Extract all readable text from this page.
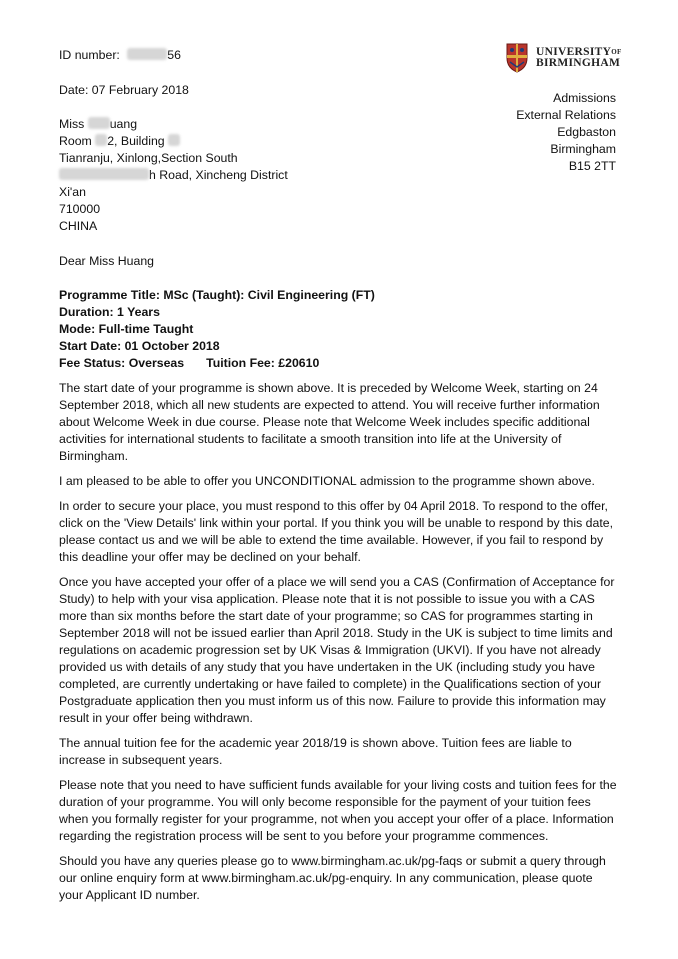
ID number:	56
Date: 07 February 2018
Miss uang
Room 2, Building
Tianranju, Xinlong,Section South
h Road, Xincheng District
Xi'an
710000
CHINA
$UNIVERSITY^{OF}$
BIRMINGHAM
Admissions
External Relations
Edgbaston
Birmingham
B15 2TT
Dear Miss Huang
Programme Title: MSc (Taught): Civil Engineering (FT)
Duration: 1 Years
Mode: Full-time Taught
Start Date: 01 October 2018
Fee Status: Overseas Tuition Fee: £20610

The start date of your programme is shown above. It is preceded by Welcome Week, starting on 24 September 2018, which all new students are expected to attend. You will receive further information about Welcome Week in due course. Please note that Welcome Week includes specific additional activities for international students to facilitate a smooth transition into life at the University of Birmingham.

I am pleased to be able to offer you UNCONDITIONAL admission to the programme shown above.

In order to secure your place, you must respond to this offer by 04 April 2018. To respond to the offer, click on the 'View Details' link within your portal. If you think you will be unable to respond by this date, please contact us and we will be able to extend the time available. However, if you fail to respond by this deadline your offer may be declined on your behalf.

Once you have accepted your offer of a place we will send you a CAS (Confirmation of Acceptance for Study) to help with your visa application. Please note that it is not possible to issue you with a CAS more than six months before the start date of your programme; so CAS for programmes starting in September 2018 will not be issued earlier than April 2018. Study in the UK is subject to time limits and regulations on academic progression set by UK Visas & Immigration (UKVI). If you have not already provided us with details of any study that you have undertaken in the UK (including study you have completed, are currently undertaking or have failed to complete) in the Qualifications section of your Postgraduate application then you must inform us of this now. Failure to provide this information may result in your offer being withdrawn.

The annual tuition fee for the academic year 2018/19 is shown above. Tuition fees are liable to increase in subsequent years.

Please note that you need to have sufficient funds available for your living costs and tuition fees for the duration of your programme. You will only become responsible for the payment of your tuition fees when you formally register for your programme, not when you accept your offer of a place. Information regarding the registration process will be sent to you before your programme commences.

Should you have any queries please go to www.birmingham.ac.uk/pg-faqs or submit a query through our online enquiry form at www.birmingham.ac.uk/pg-enquiry. In any communication, please quote your Applicant ID number.
